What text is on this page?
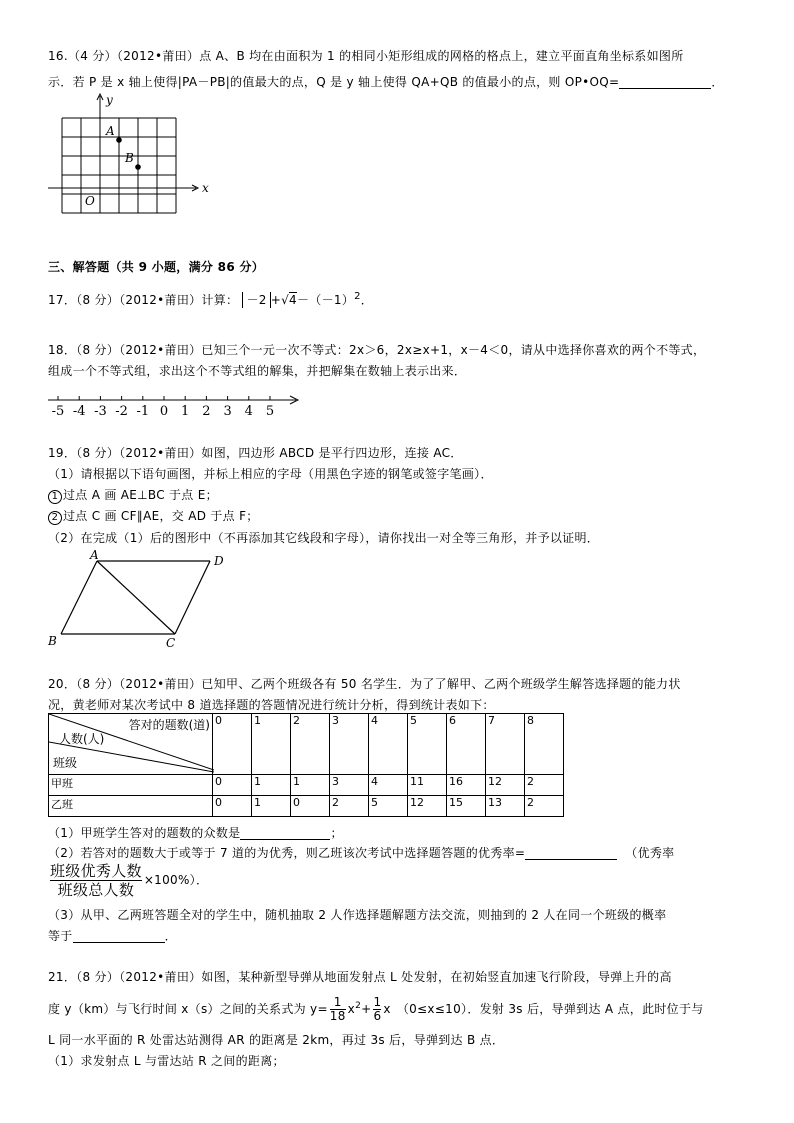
16.（4 分）（2012•莆田）点 A、B 均在由面积为 1 的相同小矩形组成的网格的格点上，建立平面直角坐标系如图所
示．若 P 是 x 轴上使得|PA－PB|的值最大的点，Q 是 y 轴上使得 QA+QB 的值最小的点，则 OP•OQ=	．
y
x
A
B
O
三、解答题（共 9 小题，满分 86 分）
17．（8 分）（2012•莆田）计算： $-2 +√4-(-1)^2$．
18．（8 分）（2012•莆田）已知三个一元一次不等式：2x＞6，2x≥x+1，x－4＜0，请从中选择你喜欢的两个不等式，
组成一个不等式组，求出这个不等式组的解集，并把解集在数轴上表示出来．
-5 -4 -3 -2 -1 0 1 2 3 4 5
19．（8 分）（2012•莆田）如图，四边形 ABCD 是平行四边形，连接 AC．
（1）请根据以下语句画图，并标上相应的字母（用黑色字迹的钢笔或签字笔画）．
1 过点 A 画 AE⊥BC 于点 E；
2 过点 C 画 CF∥AE，交 AD 于点 F；
（2）在完成（1）后的图形中（不再添加其它线段和字母），请你找出一对全等三角形，并予以证明．
A	D
B	C
20．（8 分）（2012•莆田）已知甲、乙两个班级各有 50 名学生．为了了解甲、乙两个班级学生解答选择题的能力状
况，黄老师对某次考试中 8 道选择题的答题情况进行统计分析，得到统计表如下：
答对的题数(道)
人数(人)
班级	0	1	2	3	4	5	6	7	8
甲班	0	1	1	3	4	11	16	12	2
乙班	0	1	0	2	5	12	15	13	2
（1）甲班学生答对的题数的众数是	；
（2）若答对的题数大于或等于 7 道的为优秀，则乙班该次考试中选择题答题的优秀率=	（优秀率
$\frac{\text{班级优秀人数}}{\text{班级总人数}} \times 100\%$）．
（3）从甲、乙两班答题全对的学生中，随机抽取 2 人作选择题解题方法交流，则抽到的 2 人在同一个班级的概率
等于	．
21．（8 分）（2012•莆田）如图，某种新型导弹从地面发射点 L 处发射，在初始竖直加速飞行阶段，导弹上升的高
度 y（km）与飞行时间 x（s）之间的关系式为 $y= \frac{1}{18} x^2+ \frac{1}{6}$ x （0≤x≤10）．发射 3s 后，导弹到达 A 点，此时位于与
L 同一水平面的 R 处雷达站测得 AR 的距离是 2km，再过 3s 后，导弹到达 B 点．
（1）求发射点 L 与雷达站 R 之间的距离；
